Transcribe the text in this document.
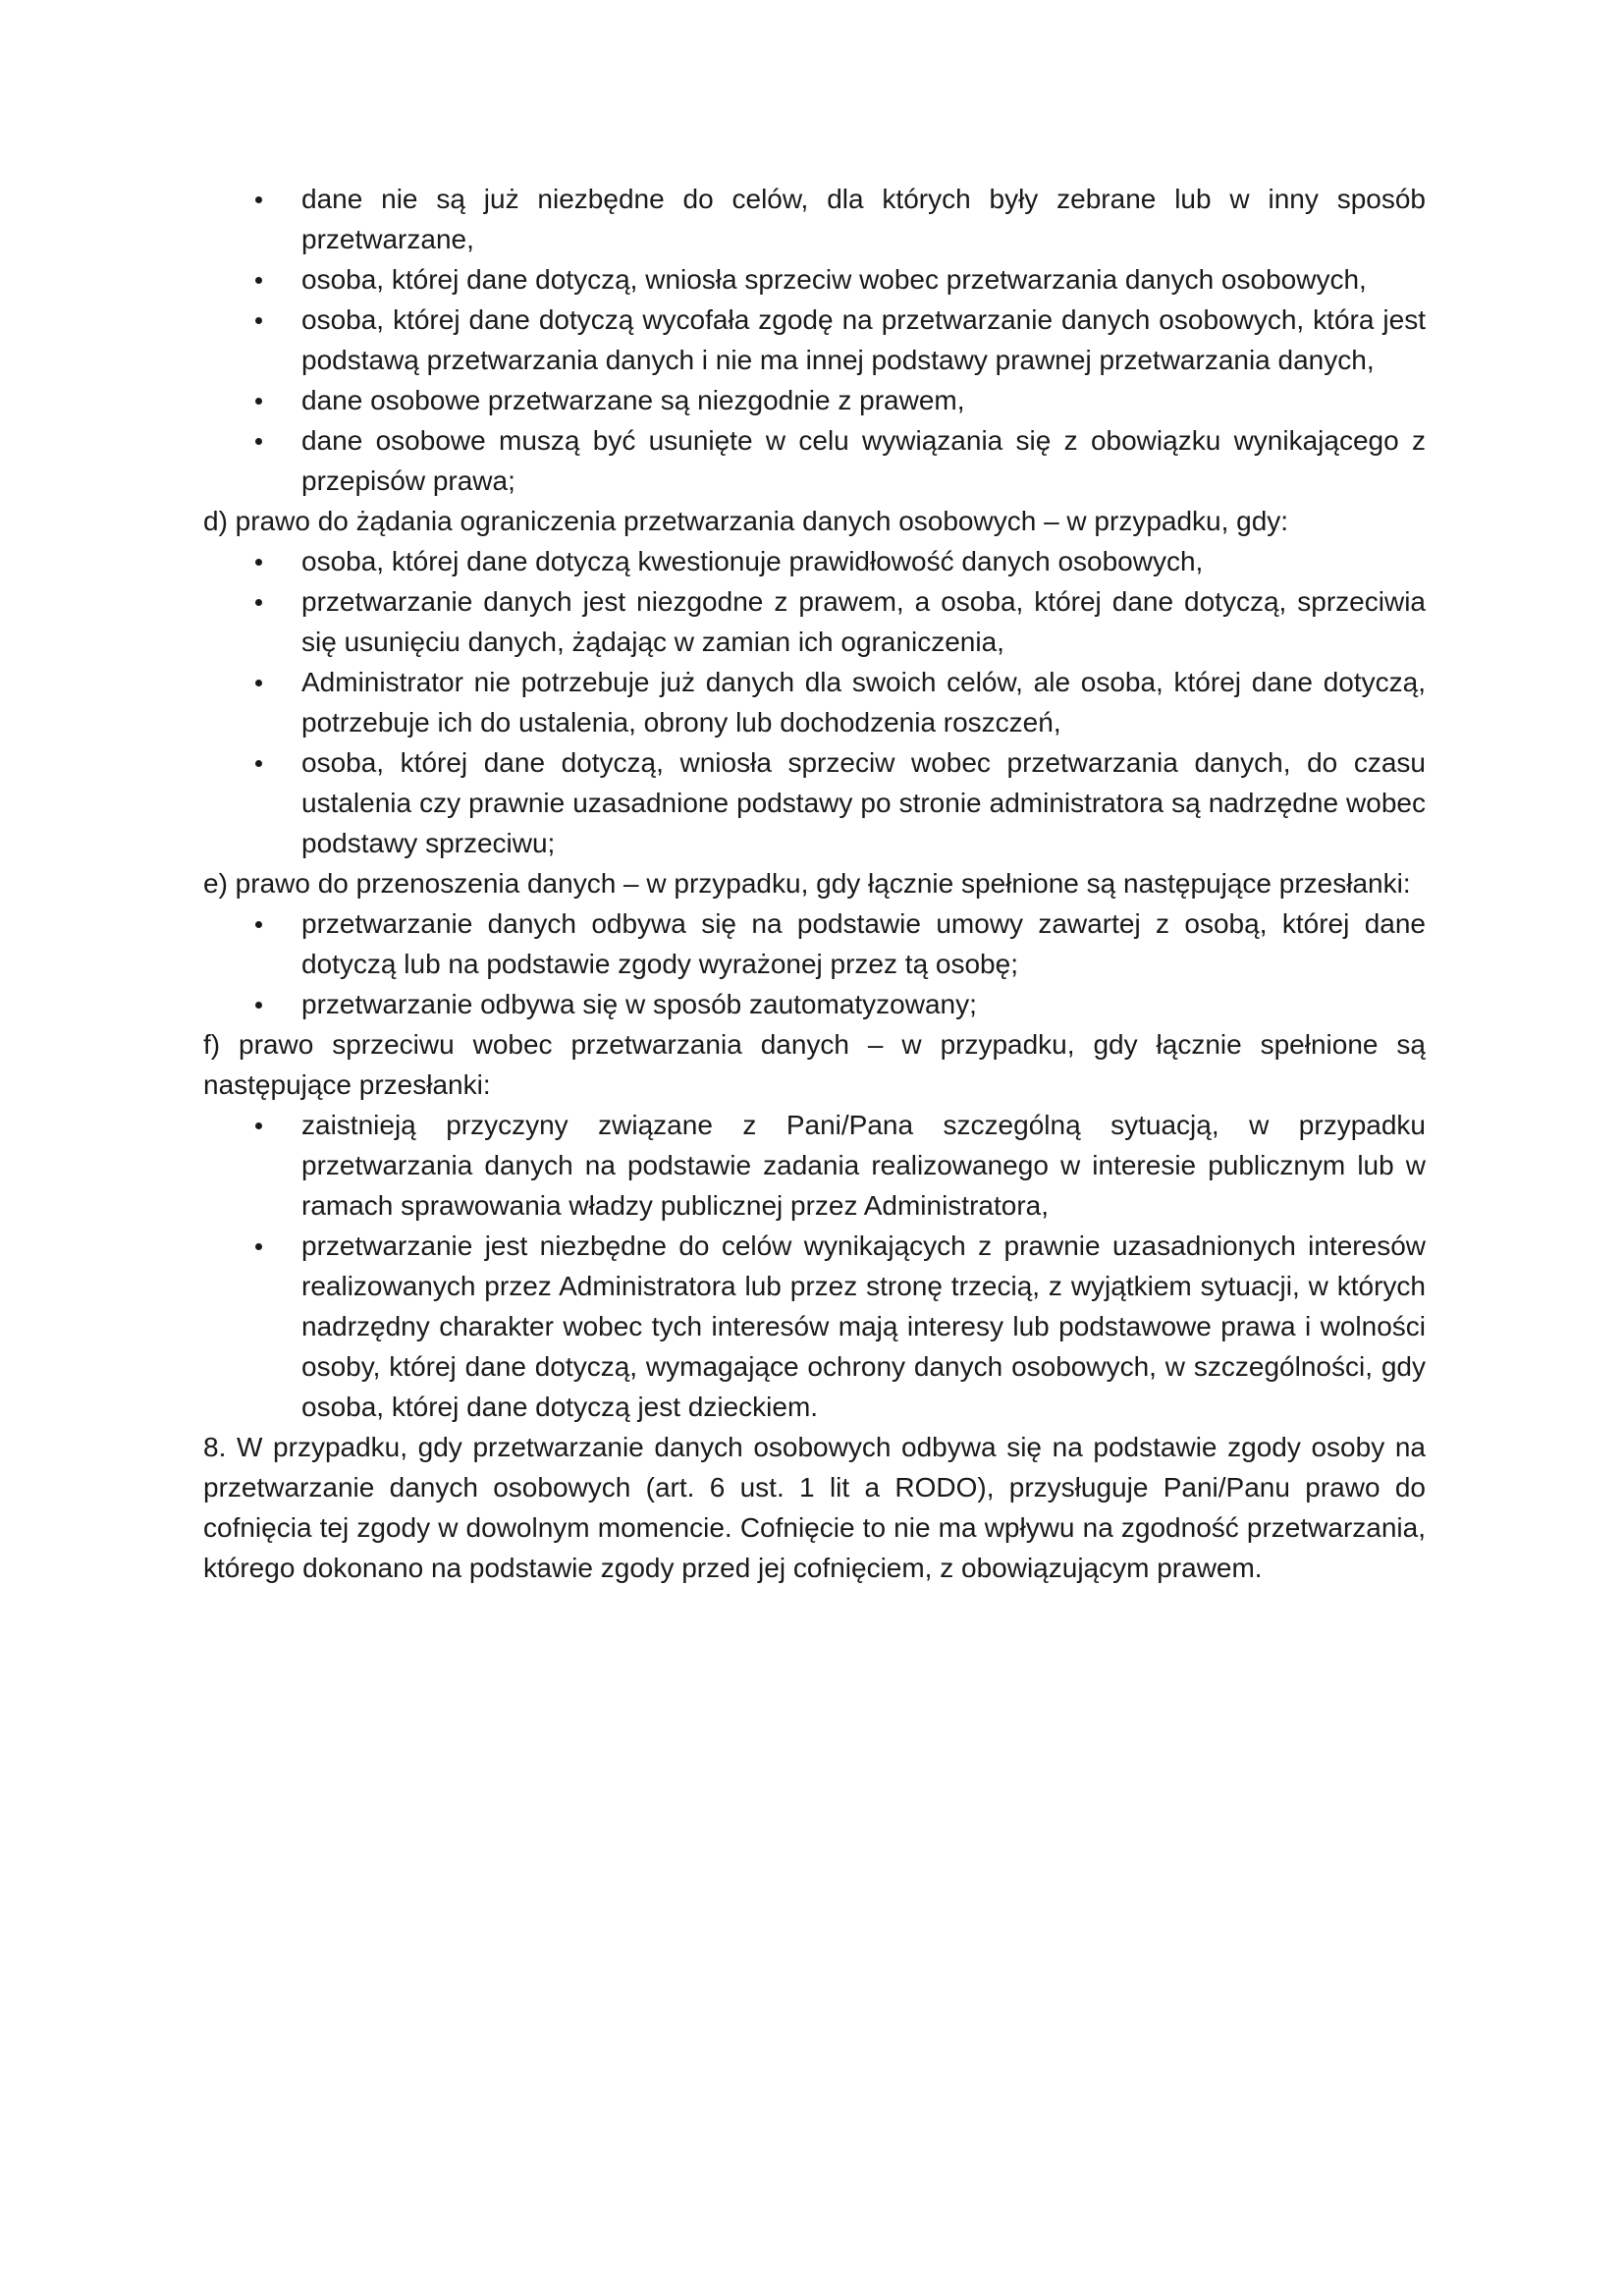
dane nie są już niezbędne do celów, dla których były zebrane lub w inny sposób przetwarzane,
osoba, której dane dotyczą, wniosła sprzeciw wobec przetwarzania danych osobowych,
osoba, której dane dotyczą wycofała zgodę na przetwarzanie danych osobowych, która jest podstawą przetwarzania danych i nie ma innej podstawy prawnej przetwarzania danych,
dane osobowe przetwarzane są niezgodnie z prawem,
dane osobowe muszą być usunięte w celu wywiązania się z obowiązku wynikającego z przepisów prawa;

d) prawo do żądania ograniczenia przetwarzania danych osobowych – w przypadku, gdy:

osoba, której dane dotyczą kwestionuje prawidłowość danych osobowych,
przetwarzanie danych jest niezgodne z prawem, a osoba, której dane dotyczą, sprzeciwia się usunięciu danych, żądając w zamian ich ograniczenia,
Administrator nie potrzebuje już danych dla swoich celów, ale osoba, której dane dotyczą, potrzebuje ich do ustalenia, obrony lub dochodzenia roszczeń,
osoba, której dane dotyczą, wniosła sprzeciw wobec przetwarzania danych, do czasu ustalenia czy prawnie uzasadnione podstawy po stronie administratora są nadrzędne wobec podstawy sprzeciwu;

e) prawo do przenoszenia danych – w przypadku, gdy łącznie spełnione są następujące przesłanki:

przetwarzanie danych odbywa się na podstawie umowy zawartej z osobą, której dane dotyczą lub na podstawie zgody wyrażonej przez tą osobę;
przetwarzanie odbywa się w sposób zautomatyzowany;

f) prawo sprzeciwu wobec przetwarzania danych – w przypadku, gdy łącznie spełnione są następujące przesłanki:

zaistnieją przyczyny związane z Pani/Pana szczególną sytuacją, w przypadku przetwarzania danych na podstawie zadania realizowanego w interesie publicznym lub w ramach sprawowania władzy publicznej przez Administratora,
przetwarzanie jest niezbędne do celów wynikających z prawnie uzasadnionych interesów realizowanych przez Administratora lub przez stronę trzecią, z wyjątkiem sytuacji, w których nadrzędny charakter wobec tych interesów mają interesy lub podstawowe prawa i wolności osoby, której dane dotyczą, wymagające ochrony danych osobowych, w szczególności, gdy osoba, której dane dotyczą jest dzieckiem.

8. W przypadku, gdy przetwarzanie danych osobowych odbywa się na podstawie zgody osoby na przetwarzanie danych osobowych (art. 6 ust. 1 lit a RODO), przysługuje Pani/Panu prawo do cofnięcia tej zgody w dowolnym momencie. Cofnięcie to nie ma wpływu na zgodność przetwarzania, którego dokonano na podstawie zgody przed jej cofnięciem, z obowiązującym prawem.
